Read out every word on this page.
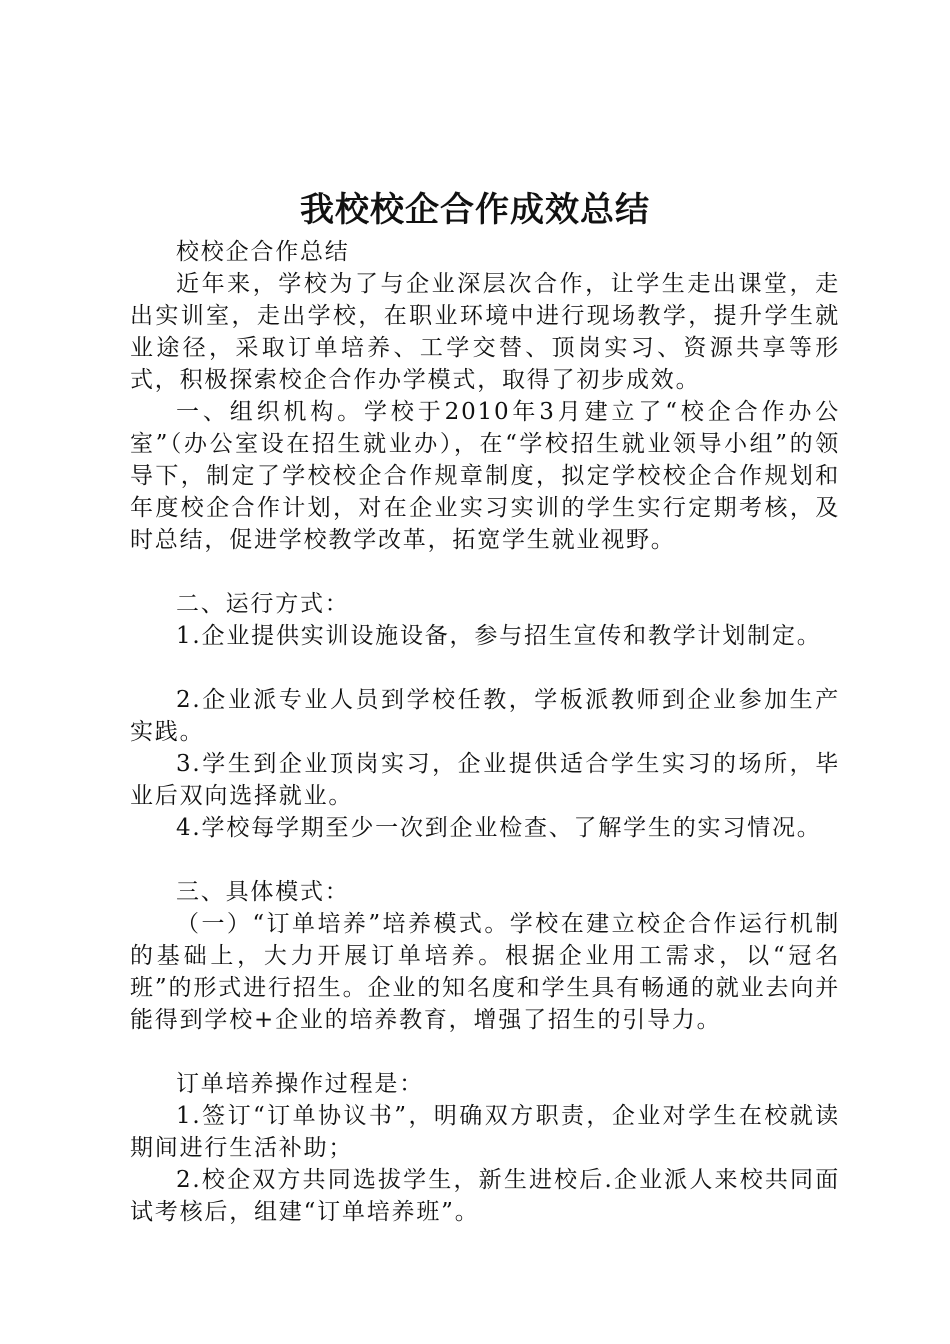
我校校企合作成效总结

校校企合作总结

近年来，学校为了与企业深层次合作，让学生走出课堂，走出实训室，走出学校，在职业环境中进行现场教学，提升学生就业途径，采取订单培养、工学交替、顶岗实习、资源共享等形式，积极探索校企合作办学模式，取得了初步成效。

一、组织机构。学校于2010年3月建立了“校企合作办公室”（办公室设在招生就业办），在“学校招生就业领导小组”的领导下，制定了学校校企合作规章制度，拟定学校校企合作规划和年度校企合作计划，对在企业实习实训的学生实行定期考核，及时总结，促进学校教学改革，拓宽学生就业视野。

二、运行方式：

1.企业提供实训设施设备，参与招生宣传和教学计划制定。

2.企业派专业人员到学校任教，学板派教师到企业参加生产实践。

3.学生到企业顶岗实习，企业提供适合学生实习的场所，毕业后双向选择就业。

4.学校每学期至少一次到企业检查、了解学生的实习情况。

三、具体模式：

（一）“订单培养”培养模式。学校在建立校企合作运行机制的基础上，大力开展订单培养。根据企业用工需求，以“冠名班”的形式进行招生。企业的知名度和学生具有畅通的就业去向并能得到学校+企业的培养教育，增强了招生的引导力。

订单培养操作过程是：

1.签订“订单协议书”，明确双方职责，企业对学生在校就读期间进行生活补助；

2.校企双方共同选拔学生，新生进校后.企业派人来校共同面试考核后，组建“订单培养班”。
